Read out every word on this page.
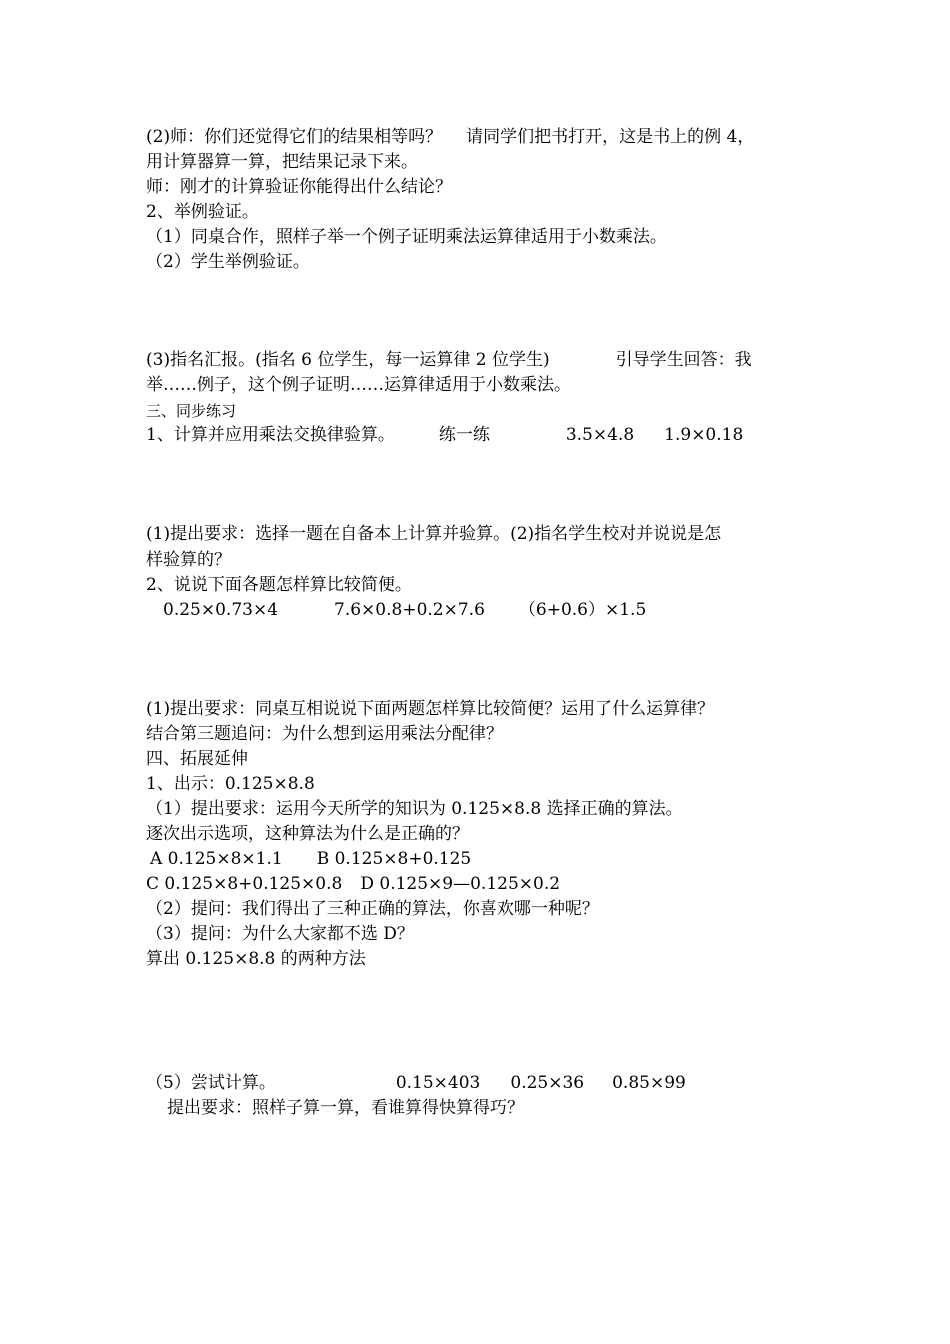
(2)师：你们还觉得它们的结果相等吗？ 请同学们把书打开，这是书上的例 4，
用计算器算一算，把结果记录下来。
师：刚才的计算验证你能得出什么结论？
2、举例验证。
（1）同桌合作，照样子举一个例子证明乘法运算律适用于小数乘法。
（2）学生举例验证。
(3)指名汇报。(指名 6 位学生，每一运算律 2 位学生)	引导学生回答：我
举……例子，这个例子证明……运算律适用于小数乘法。
三、同步练习
1、计算并应用乘法交换律验算。	练一练	3.5×4.8 1.9×0.18
(1)提出要求：选择一题在自备本上计算并验算。(2)指名学生校对并说说是怎
样验算的？
2、说说下面各题怎样算比较简便。
0.25×0.73×4	7.6×0.8+0.2×7.6 （6+0.6）×1.5
(1)提出要求：同桌互相说说下面两题怎样算比较简便？运用了什么运算律？
结合第三题追问：为什么想到运用乘法分配律？
四、拓展延伸
1、出示：0.125×8.8
（1）提出要求：运用今天所学的知识为 0.125×8.8 选择正确的算法。
逐次出示选项，这种算法为什么是正确的？
A 0.125×8×1.1 B 0.125×8+0.125
C 0.125×8+0.125×0.8 D 0.125×9—0.125×0.2
（2）提问：我们得出了三种正确的算法，你喜欢哪一种呢？
（3）提问：为什么大家都不选 D？
算出 0.125×8.8 的两种方法
（5）尝试计算。	0.15×403 0.25×36 0.85×99
提出要求：照样子算一算，看谁算得快算得巧？
